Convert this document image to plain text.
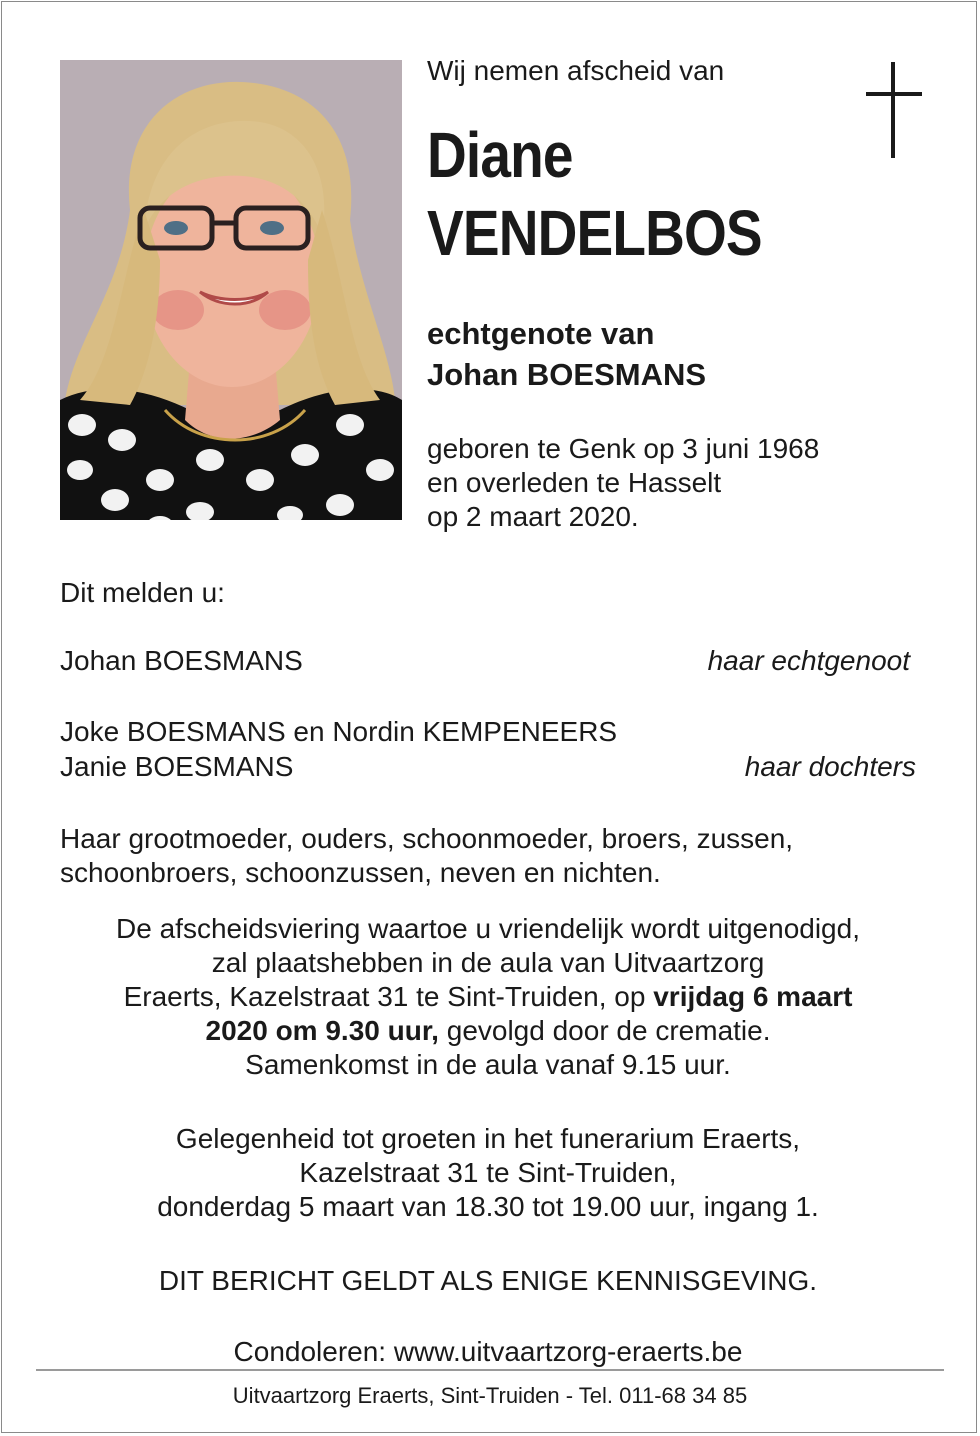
Wij nemen afscheid van
Diane
VENDELBOS
echtgenote van
Johan BOESMANS
geboren te Genk op 3 juni 1968
en overleden te Hasselt
op 2 maart 2020.
Dit melden u:
Johan BOESMANS	haar echtgenoot
Joke BOESMANS en Nordin KEMPENEERS
Janie BOESMANS	haar dochters
Haar grootmoeder, ouders, schoonmoeder, broers, zussen,
schoonbroers, schoonzussen, neven en nichten.
De afscheidsviering waartoe u vriendelijk wordt uitgenodigd,
zal plaatshebben in de aula van Uitvaartzorg
Eraerts, Kazelstraat 31 te Sint-Truiden, op vrijdag 6 maart
2020 om 9.30 uur, gevolgd door de crematie.
Samenkomst in de aula vanaf 9.15 uur.
Gelegenheid tot groeten in het funerarium Eraerts,
Kazelstraat 31 te Sint-Truiden,
donderdag 5 maart van 18.30 tot 19.00 uur, ingang 1.
DIT BERICHT GELDT ALS ENIGE KENNISGEVING.
Condoleren: www.uitvaartzorg-eraerts.be
Uitvaartzorg Eraerts, Sint-Truiden - Tel. 011-68 34 85
